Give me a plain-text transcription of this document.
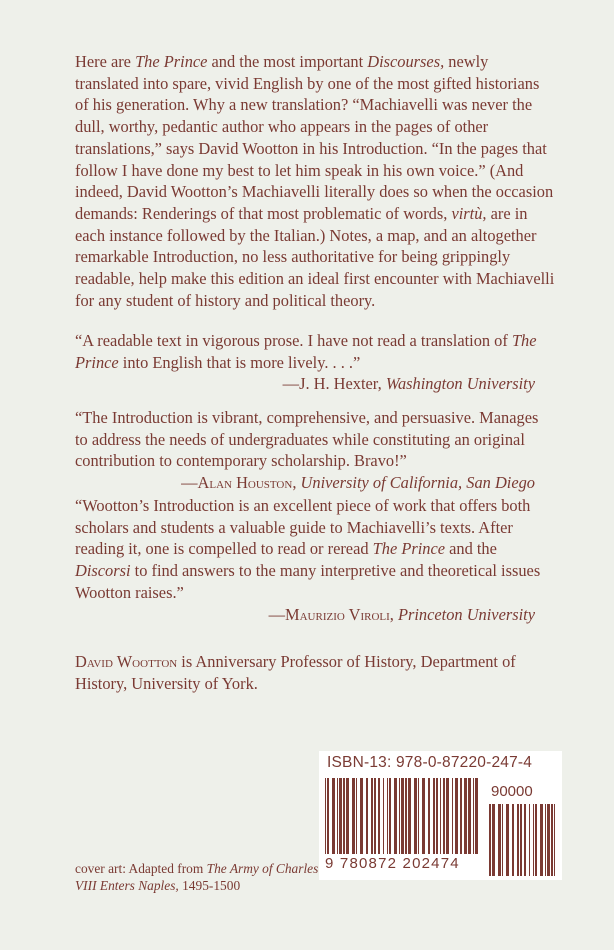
Here are The Prince and the most important Discourses, newly translated into spare, vivid English by one of the most gifted historians of his generation. Why a new translation? “Machiavelli was never the dull, worthy, pedantic author who appears in the pages of other translations,” says David Wootton in his Introduction. “In the pages that follow I have done my best to let him speak in his own voice.” (And indeed, David Wootton’s Machiavelli literally does so when the occasion demands: Renderings of that most problematic of words, virtù, are in each instance followed by the Italian.) Notes, a map, and an altogether remarkable Introduction, no less authoritative for being grippingly readable, help make this edition an ideal first encounter with Machiavelli for any student of history and political theory.

“A readable text in vigorous prose. I have not read a translation of The Prince into English that is more lively. . . .”

—J. H. Hexter, Washington University

“The Introduction is vibrant, comprehensive, and persuasive. Manages to address the needs of undergraduates while constituting an original contribution to contemporary scholarship. Bravo!”

—Alan Houston, University of California, San Diego

“Wootton’s Introduction is an excellent piece of work that offers both scholars and students a valuable guide to Machiavelli’s texts. After reading it, one is compelled to read or reread The Prince and the Discorsi to find answers to the many interpretive and theoretical issues Wootton raises.”

—Maurizio Viroli, Princeton University

David Wootton is Anniversary Professor of History, Department of History, University of York.

ISBN-13: 978-0-87220-247-4
90000
9 780872 202474

cover art: Adapted from The Army of Charles VIII Enters Naples, 1495-1500
